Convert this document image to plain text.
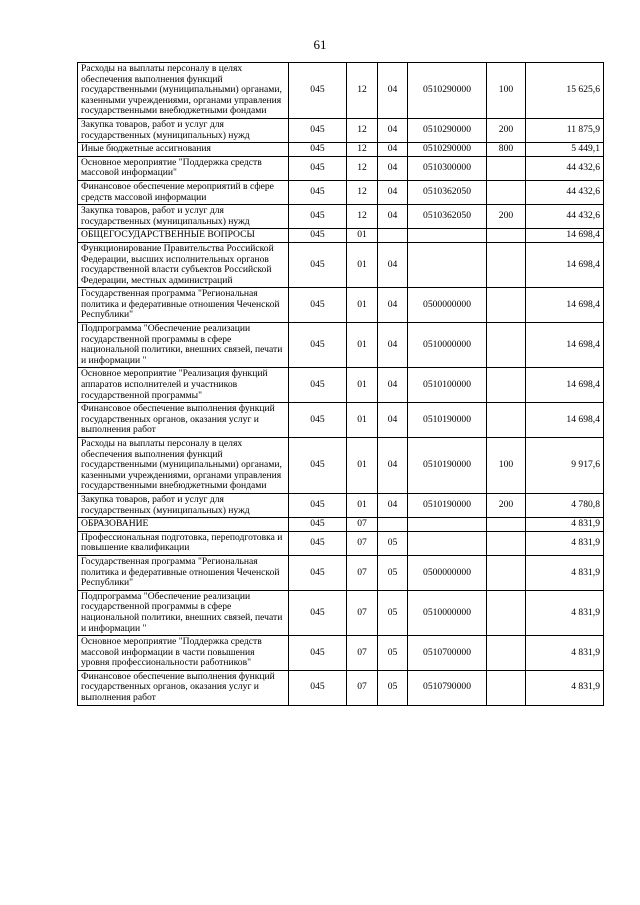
61
Расходы на выплаты персоналу в целях обеспечения выполнения функций государственными (муниципальными) органами, казенными учреждениями, органами управления государственными внебюджетными фондами	045	12	04	0510290000	100	15 625,6
Закупка товаров, работ и услуг для государственных (муниципальных) нужд	045	12	04	0510290000	200	11 875,9
Иные бюджетные ассигнования	045	12	04	0510290000	800	5 449,1
Основное мероприятие "Поддержка средств массовой информации"	045	12	04	0510300000		44 432,6
Финансовое обеспечение мероприятий в сфере средств массовой информации	045	12	04	0510362050		44 432,6
Закупка товаров, работ и услуг для государственных (муниципальных) нужд	045	12	04	0510362050	200	44 432,6
ОБЩЕГОСУДАРСТВЕННЫЕ ВОПРОСЫ	045	01				14 698,4
Функционирование Правительства Российской Федерации, высших исполнительных органов государственной власти субъектов Российской Федерации, местных администраций	045	01	04			14 698,4
Государственная программа "Региональная политика и федеративные отношения Чеченской Республики"	045	01	04	0500000000		14 698,4
Подпрограмма "Обеспечение реализации государственной программы в сфере национальной политики, внешних связей, печати и информации "	045	01	04	0510000000		14 698,4
Основное мероприятие "Реализация функций аппаратов исполнителей и участников государственной программы"	045	01	04	0510100000		14 698,4
Финансовое обеспечение выполнения функций государственных органов, оказания услуг и выполнения работ	045	01	04	0510190000		14 698,4
Расходы на выплаты персоналу в целях обеспечения выполнения функций государственными (муниципальными) органами, казенными учреждениями, органами управления государственными внебюджетными фондами	045	01	04	0510190000	100	9 917,6
Закупка товаров, работ и услуг для государственных (муниципальных) нужд	045	01	04	0510190000	200	4 780,8
ОБРАЗОВАНИЕ	045	07				4 831,9
Профессиональная подготовка, переподготовка и повышение квалификации	045	07	05			4 831,9
Государственная программа "Региональная политика и федеративные отношения Чеченской Республики"	045	07	05	0500000000		4 831,9
Подпрограмма "Обеспечение реализации государственной программы в сфере национальной политики, внешних связей, печати и информации "	045	07	05	0510000000		4 831,9
Основное мероприятие "Поддержка средств массовой информации в части повышения уровня профессиональности работников"	045	07	05	0510700000		4 831,9
Финансовое обеспечение выполнения функций государственных органов, оказания услуг и выполнения работ	045	07	05	0510790000		4 831,9
